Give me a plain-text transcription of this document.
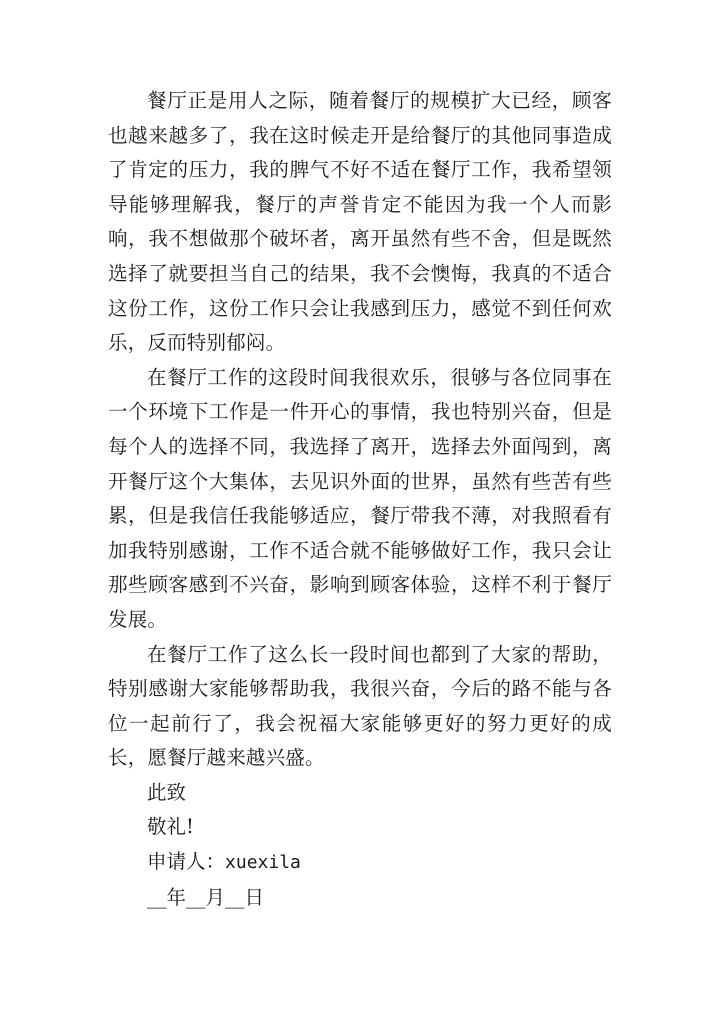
餐厅正是用人之际，随着餐厅的规模扩大已经，顾客也越来越多了，我在这时候走开是给餐厅的其他同事造成了肯定的压力，我的脾气不好不适在餐厅工作，我希望领导能够理解我，餐厅的声誉肯定不能因为我一个人而影响，我不想做那个破坏者，离开虽然有些不舍，但是既然选择了就要担当自己的结果，我不会懊悔，我真的不适合这份工作，这份工作只会让我感到压力，感觉不到任何欢乐，反而特别郁闷。

在餐厅工作的这段时间我很欢乐，很够与各位同事在一个环境下工作是一件开心的事情，我也特别兴奋，但是每个人的选择不同，我选择了离开，选择去外面闯到，离开餐厅这个大集体，去见识外面的世界，虽然有些苦有些累，但是我信任我能够适应，餐厅带我不薄，对我照看有加我特别感谢，工作不适合就不能够做好工作，我只会让那些顾客感到不兴奋，影响到顾客体验，这样不利于餐厅发展。

在餐厅工作了这么长一段时间也都到了大家的帮助，特别感谢大家能够帮助我，我很兴奋，今后的路不能与各位一起前行了，我会祝福大家能够更好的努力更好的成长，愿餐厅越来越兴盛。

此致

敬礼!

申请人：xuexila

__年__月__日
